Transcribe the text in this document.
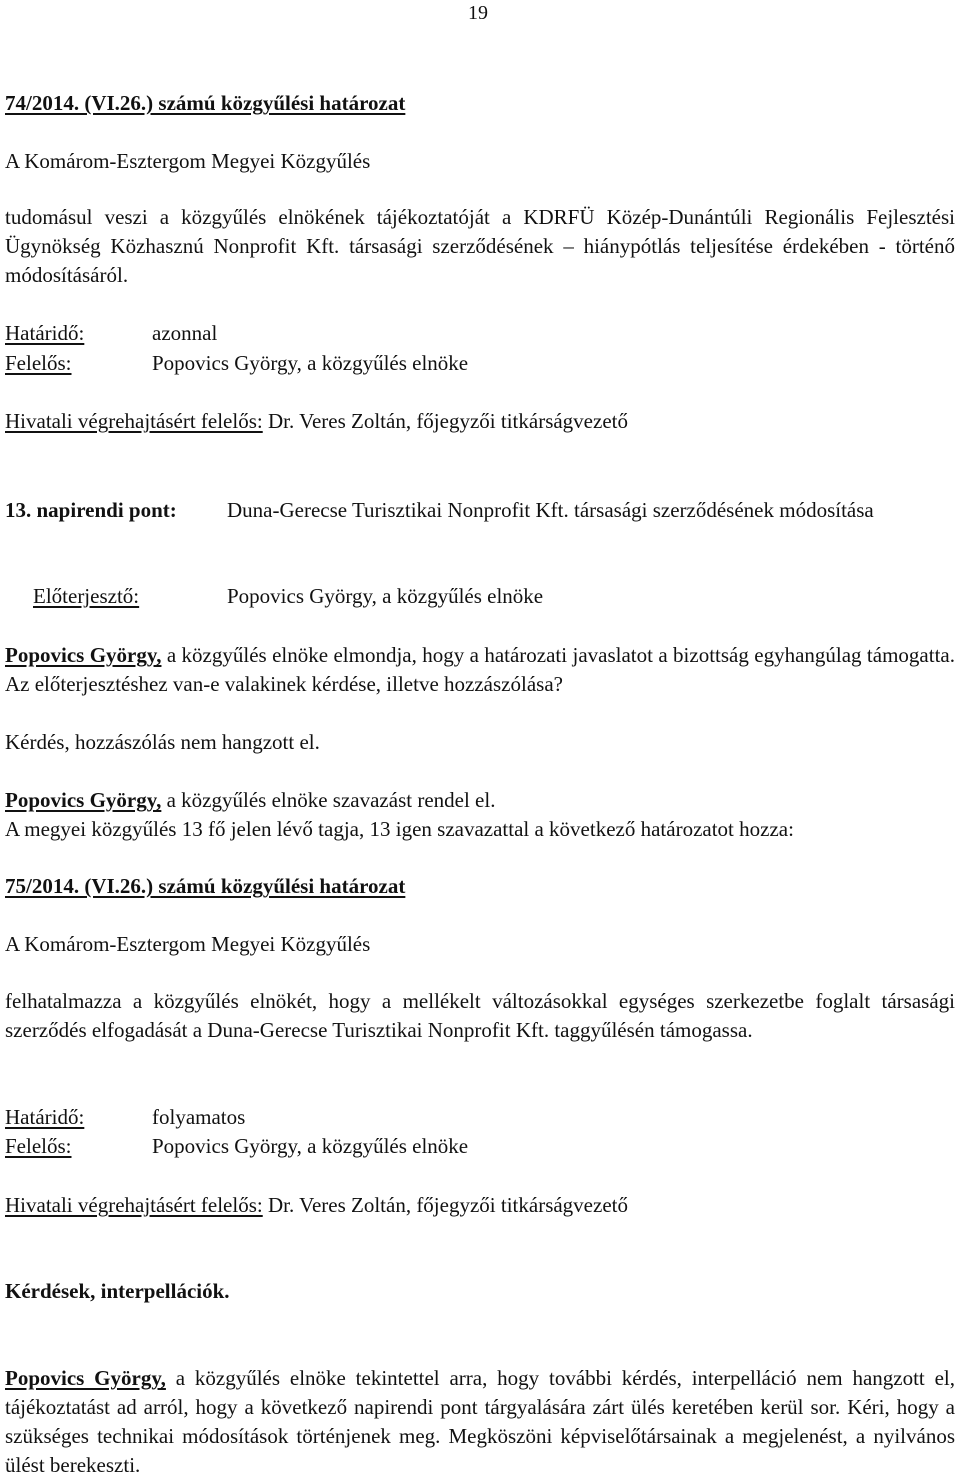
19
74/2014. (VI.26.) számú közgyűlési határozat
A Komárom-Esztergom Megyei Közgyűlés
tudomásul veszi a közgyűlés elnökének tájékoztatóját a KDRFÜ Közép-Dunántúli Regionális Fejlesztési Ügynökség Közhasznú Nonprofit Kft. társasági szerződésének – hiánypótlás teljesítése érdekében - történő módosításáról.
Határidő:	azonnal
Felelős:	Popovics György, a közgyűlés elnöke
Hivatali végrehajtásért felelős: Dr. Veres Zoltán, főjegyzői titkárságvezető
13. napirendi pont: Duna-Gerecse Turisztikai Nonprofit Kft. társasági szerződésének módosítása
Előterjesztő:	Popovics György, a közgyűlés elnöke
Popovics György, a közgyűlés elnöke elmondja, hogy a határozati javaslatot a bizottság egyhangúlag támogatta. Az előterjesztéshez van-e valakinek kérdése, illetve hozzászólása?
Kérdés, hozzászólás nem hangzott el.
Popovics György, a közgyűlés elnöke szavazást rendel el.
A megyei közgyűlés 13 fő jelen lévő tagja, 13 igen szavazattal a következő határozatot hozza:
75/2014. (VI.26.) számú közgyűlési határozat
A Komárom-Esztergom Megyei Közgyűlés
felhatalmazza a közgyűlés elnökét, hogy a mellékelt változásokkal egységes szerkezetbe foglalt társasági szerződés elfogadását a Duna-Gerecse Turisztikai Nonprofit Kft. taggyűlésén támogassa.
Határidő:	folyamatos
Felelős:	Popovics György, a közgyűlés elnöke
Hivatali végrehajtásért felelős: Dr. Veres Zoltán, főjegyzői titkárságvezető
Kérdések, interpellációk.
Popovics György, a közgyűlés elnöke tekintettel arra, hogy további kérdés, interpelláció nem hangzott el, tájékoztatást ad arról, hogy a következő napirendi pont tárgyalására zárt ülés keretében kerül sor. Kéri, hogy a szükséges technikai módosítások történjenek meg. Megköszöni képviselőtársainak a megjelenést, a nyilvános ülést berekeszti.
